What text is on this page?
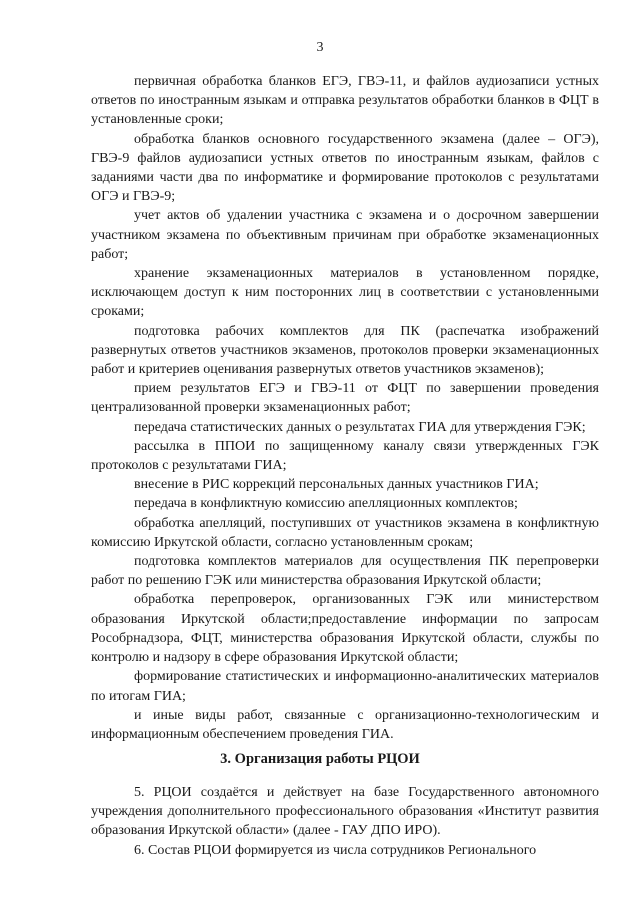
3

первичная обработка бланков ЕГЭ, ГВЭ-11, и файлов аудиозаписи устных ответов по иностранным языкам и отправка результатов обработки бланков в ФЦТ в установленные сроки;

обработка бланков основного государственного экзамена (далее – ОГЭ), ГВЭ-9 файлов аудиозаписи устных ответов по иностранным языкам, файлов с заданиями части два по информатике и формирование протоколов с результатами ОГЭ и ГВЭ-9;

учет актов об удалении участника с экзамена и о досрочном завершении участником экзамена по объективным причинам при обработке экзаменационных работ;

хранение экзаменационных материалов в установленном порядке, исключающем доступ к ним посторонних лиц в соответствии с установленными сроками;

подготовка рабочих комплектов для ПК (распечатка изображений развернутых ответов участников экзаменов, протоколов проверки экзаменационных работ и критериев оценивания развернутых ответов участников экзаменов);

прием результатов ЕГЭ и ГВЭ-11 от ФЦТ по завершении проведения централизованной проверки экзаменационных работ;

передача статистических данных о результатах ГИА для утверждения ГЭК;

рассылка в ППОИ по защищенному каналу связи утвержденных ГЭК протоколов с результатами ГИА;

внесение в РИС коррекций персональных данных участников ГИА;

передача в конфликтную комиссию апелляционных комплектов;

обработка апелляций, поступивших от участников экзамена в конфликтную комиссию Иркутской области, согласно установленным срокам;

подготовка комплектов материалов для осуществления ПК перепроверки работ по решению ГЭК или министерства образования Иркутской области;

обработка перепроверок, организованных ГЭК или министерством образования Иркутской области;предоставление информации по запросам Рособрнадзора, ФЦТ, министерства образования Иркутской области, службы по контролю и надзору в сфере образования Иркутской области;

формирование статистических и информационно-аналитических материалов по итогам ГИА;

и иные виды работ, связанные с организационно-технологическим и информационным обеспечением проведения ГИА.

3. Организация работы РЦОИ

5. РЦОИ создаётся и действует на базе Государственного автономного учреждения дополнительного профессионального образования «Институт развития образования Иркутской области» (далее - ГАУ ДПО ИРО).

6. Состав РЦОИ формируется из числа сотрудников Регионального
